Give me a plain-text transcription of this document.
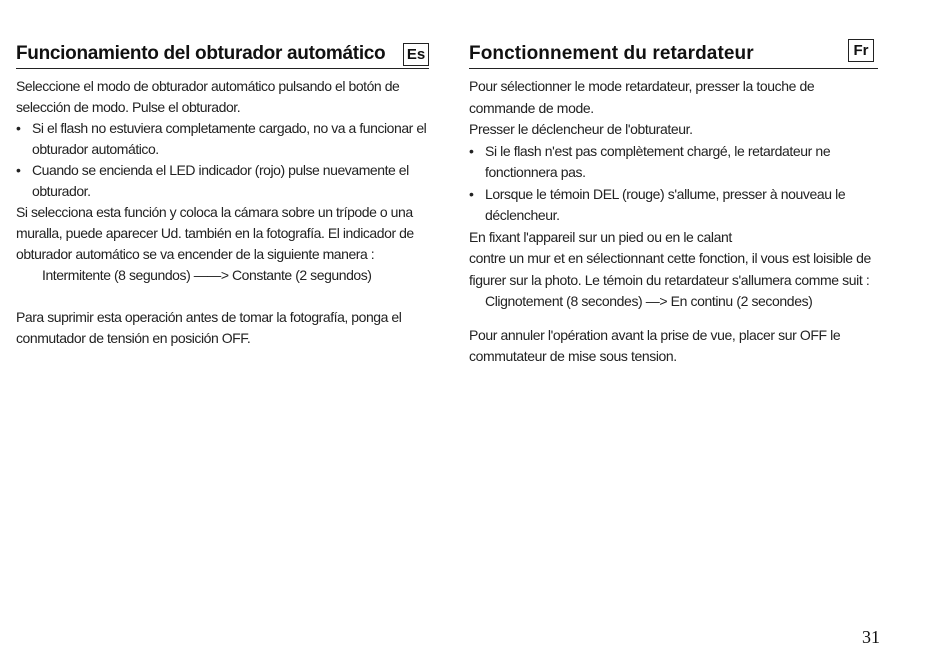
Funcionamiento del obturador automático Es

Seleccione el modo de obturador automático pulsando el botón de selección de modo. Pulse el obturador.

• Si el flash no estuviera completamente cargado, no va a funcionar el obturador automático.
• Cuando se encienda el LED indicador (rojo) pulse nuevamente el obturador.

Si selecciona esta función y coloca la cámara sobre un trípode o una muralla, puede aparecer Ud. también en la fotografía. El indicador de obturador automático se va encender de la siguiente manera :

Intermitente (8 segundos) ——> Constante (2 segundos)

Para suprimir esta operación antes de tomar la fotografía, ponga el conmutador de tensión en posición OFF.

Fonctionnement du retardateur	Fr

Pour sélectionner le mode retardateur, presser la touche de commande de mode.

Presser le déclencheur de l'obturateur.

• Si le flash n'est pas complètement chargé, le retardateur ne fonctionnera pas.
• Lorsque le témoin DEL (rouge) s'allume, presser à nouveau le déclencheur.

En fixant l'appareil sur un pied ou en le calant

contre un mur et en sélectionnant cette fonction, il vous est loisible de figurer sur la photo. Le témoin du retardateur s'allumera comme suit :

Clignotement (8 secondes) —> En continu (2 secondes)

Pour annuler l'opération avant la prise de vue, placer sur OFF le commutateur de mise sous tension.

31
